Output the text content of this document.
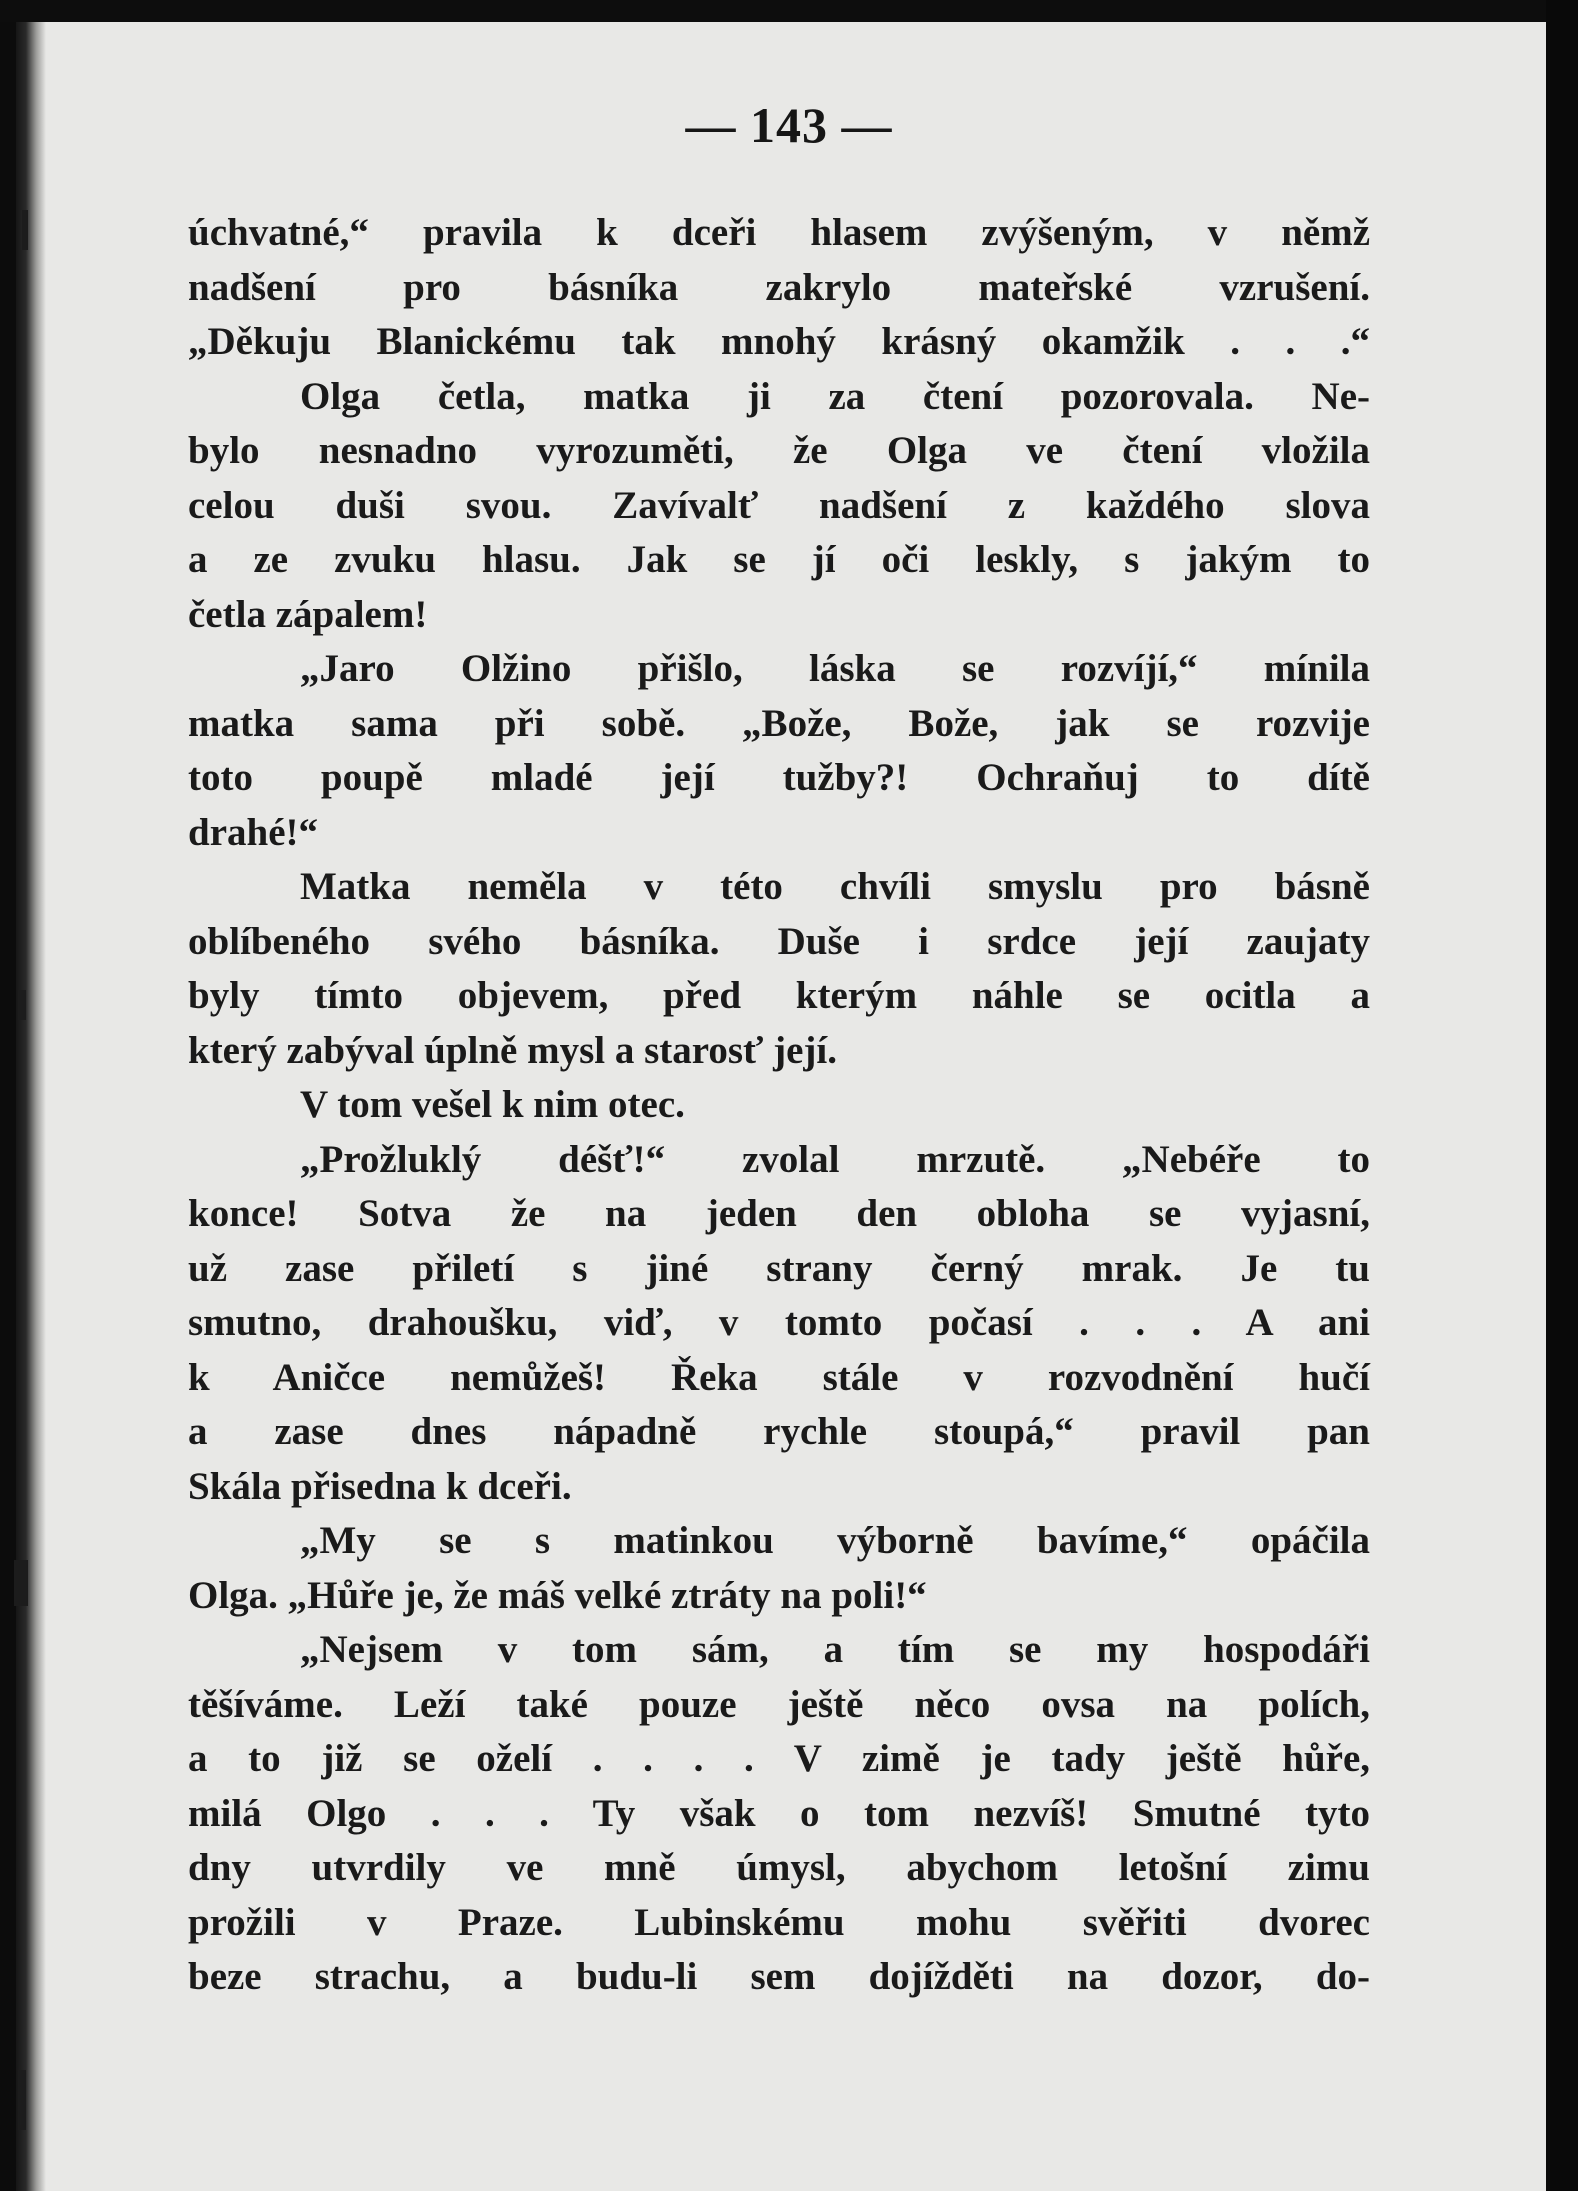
— 143 —
úchvatné,“ pravila k dceři hlasem zvýšeným, v němž
nadšení pro básníka zakrylo mateřské vzrušení.
„Děkuju Blanickému tak mnohý krásný okamžik . . .“
Olga četla, matka ji za čtení pozorovala. Ne-
bylo nesnadno vyrozuměti, že Olga ve čtení vložila
celou duši svou. Zavívalť nadšení z každého slova
a ze zvuku hlasu. Jak se jí oči leskly, s jakým to
četla zápalem!
„Jaro Olžino přišlo, láska se rozvíjí,“ mínila
matka sama při sobě. „Bože, Bože, jak se rozvije
toto poupě mladé její tužby?! Ochraňuj to dítě
drahé!“
Matka neměla v této chvíli smyslu pro básně
oblíbeného svého básníka. Duše i srdce její zaujaty
byly tímto objevem, před kterým náhle se ocitla a
který zabýval úplně mysl a starosť její.
V tom vešel k nim otec.
„Prožluklý déšť!“ zvolal mrzutě. „Nebéře to
konce! Sotva že na jeden den obloha se vyjasní,
už zase přiletí s jiné strany černý mrak. Je tu
smutno, drahoušku, viď, v tomto počasí . . . A ani
k Aničce nemůžeš! Řeka stále v rozvodnění hučí
a zase dnes nápadně rychle stoupá,“ pravil pan
Skála přisedna k dceři.
„My se s matinkou výborně bavíme,“ opáčila
Olga. „Hůře je, že máš velké ztráty na poli!“
„Nejsem v tom sám, a tím se my hospodáři
těšíváme. Leží také pouze ještě něco ovsa na polích,
a to již se oželí . . . . V zimě je tady ještě hůře,
milá Olgo . . . Ty však o tom nezvíš! Smutné tyto
dny utvrdily ve mně úmysl, abychom letošní zimu
prožili v Praze. Lubinskému mohu svěřiti dvorec
beze strachu, a budu-li sem dojížděti na dozor, do-
